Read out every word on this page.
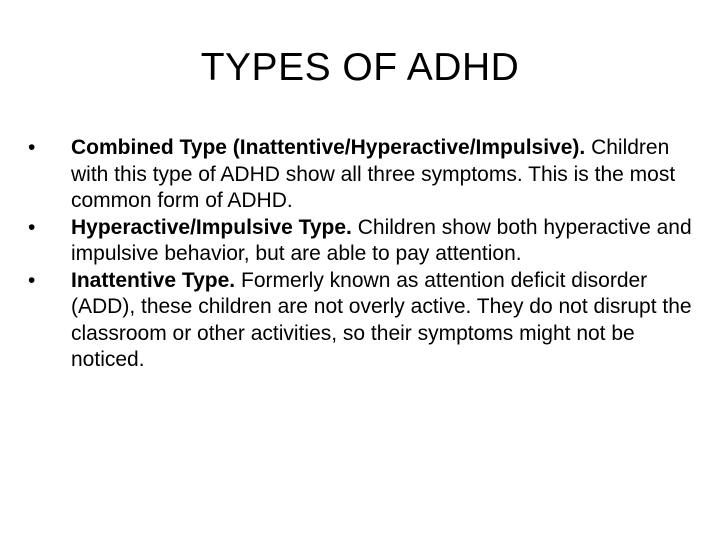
TYPES OF ADHD
•	Combined Type (Inattentive/Hyperactive/Impulsive). Children with this type of ADHD show all three symptoms. This is the most common form of ADHD.
•	Hyperactive/Impulsive Type. Children show both hyperactive and impulsive behavior, but are able to pay attention.
•	Inattentive Type. Formerly known as attention deficit disorder (ADD), these children are not overly active. They do not disrupt the classroom or other activities, so their symptoms might not be noticed.
